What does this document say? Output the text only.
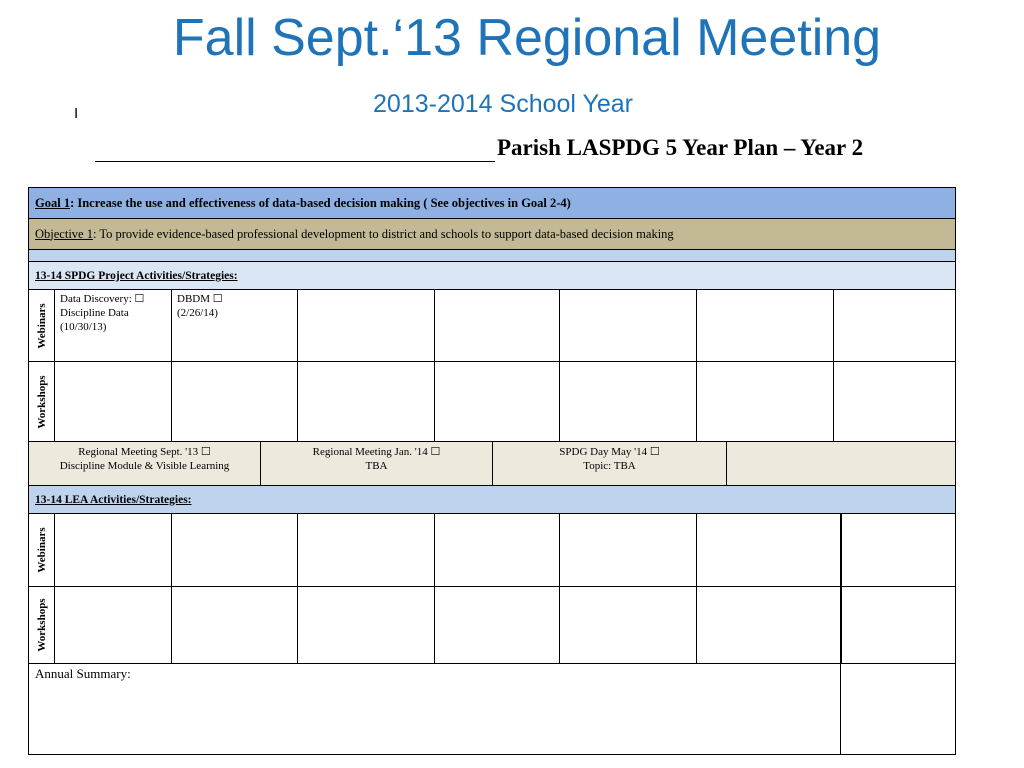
Fall Sept.‘13 Regional Meeting
2013-2014 School Year
I
Parish LASPDG 5 Year Plan – Year 2
Goal 1 : Increase the use and effectiveness of data-based decision making ( See objectives in Goal 2-4)
Objective 1 : To provide evidence-based professional development to district and schools to support data-based decision making
13-14 SPDG Project Activities/Strategies:
Webinars
Data Discovery: ☐
Discipline Data
(10/30/13)
DBDM ☐
(2/26/14)
Workshops
Regional Meeting Sept. '13 ☐
Discipline Module & Visible Learning
Regional Meeting Jan. '14 ☐
TBA
SPDG Day May '14 ☐
Topic: TBA
13-14 LEA Activities/Strategies:
Webinars
Workshops
Annual Summary:
